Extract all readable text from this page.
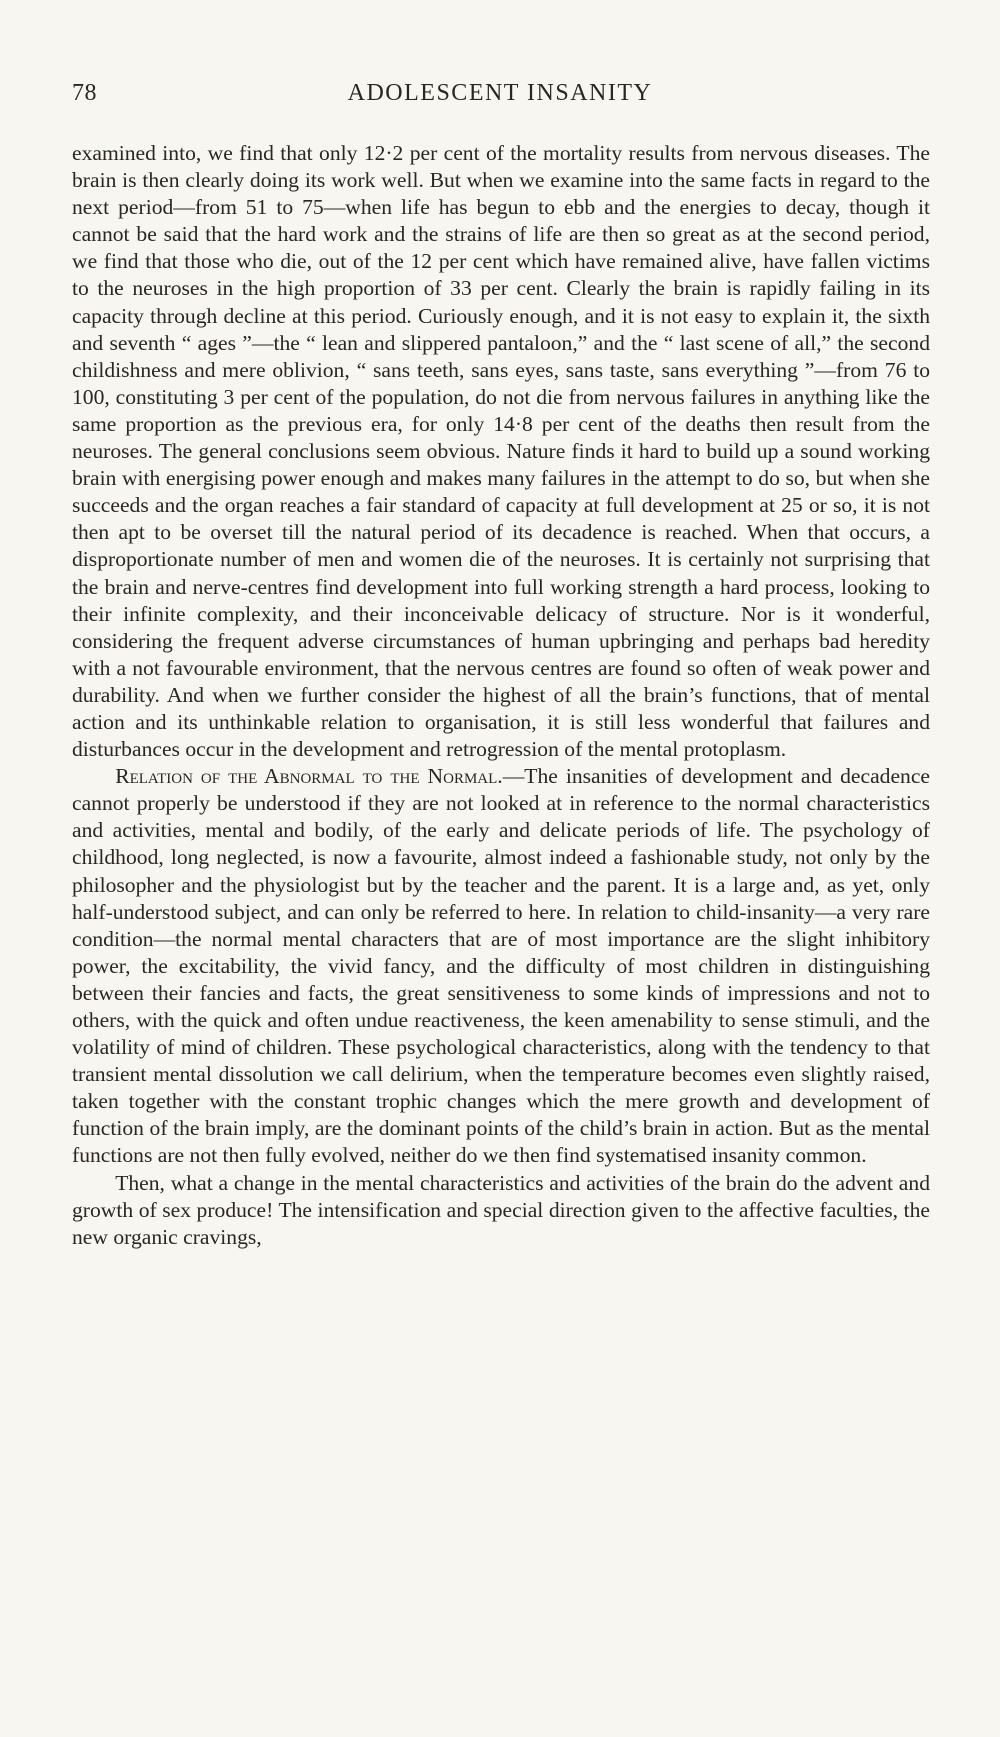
78	ADOLESCENT INSANITY

examined into, we find that only 12·2 per cent of the mortality results from nervous diseases. The brain is then clearly doing its work well. But when we examine into the same facts in regard to the next period—from 51 to 75—when life has begun to ebb and the energies to decay, though it cannot be said that the hard work and the strains of life are then so great as at the second period, we find that those who die, out of the 12 per cent which have remained alive, have fallen victims to the neuroses in the high proportion of 33 per cent. Clearly the brain is rapidly failing in its capacity through decline at this period. Curiously enough, and it is not easy to explain it, the sixth and seventh “ ages ”—the “ lean and slippered pantaloon,” and the “ last scene of all,” the second childishness and mere oblivion, “ sans teeth, sans eyes, sans taste, sans everything ”—from 76 to 100, constituting 3 per cent of the population, do not die from nervous failures in anything like the same proportion as the previous era, for only 14·8 per cent of the deaths then result from the neuroses. The general conclusions seem obvious. Nature finds it hard to build up a sound working brain with energising power enough and makes many failures in the attempt to do so, but when she succeeds and the organ reaches a fair standard of capacity at full development at 25 or so, it is not then apt to be overset till the natural period of its decadence is reached. When that occurs, a disproportionate number of men and women die of the neuroses. It is certainly not surprising that the brain and nerve-centres find development into full working strength a hard process, looking to their infinite complexity, and their inconceivable delicacy of structure. Nor is it wonderful, considering the frequent adverse circumstances of human upbringing and perhaps bad heredity with a not favourable environment, that the nervous centres are found so often of weak power and durability. And when we further consider the highest of all the brain’s functions, that of mental action and its unthinkable relation to organisation, it is still less wonderful that failures and disturbances occur in the development and retrogression of the mental protoplasm.

Relation of the Abnormal to the Normal.—The insanities of development and decadence cannot properly be understood if they are not looked at in reference to the normal characteristics and activities, mental and bodily, of the early and delicate periods of life. The psychology of childhood, long neglected, is now a favourite, almost indeed a fashionable study, not only by the philosopher and the physiologist but by the teacher and the parent. It is a large and, as yet, only half-understood subject, and can only be referred to here. In relation to child-insanity—a very rare condition—the normal mental characters that are of most importance are the slight inhibitory power, the excitability, the vivid fancy, and the difficulty of most children in distinguishing between their fancies and facts, the great sensitiveness to some kinds of impressions and not to others, with the quick and often undue reactiveness, the keen amenability to sense stimuli, and the volatility of mind of children. These psychological characteristics, along with the tendency to that transient mental dissolution we call delirium, when the temperature becomes even slightly raised, taken together with the constant trophic changes which the mere growth and development of function of the brain imply, are the dominant points of the child’s brain in action. But as the mental functions are not then fully evolved, neither do we then find systematised insanity common.

Then, what a change in the mental characteristics and activities of the brain do the advent and growth of sex produce! The intensification and special direction given to the affective faculties, the new organic cravings,
